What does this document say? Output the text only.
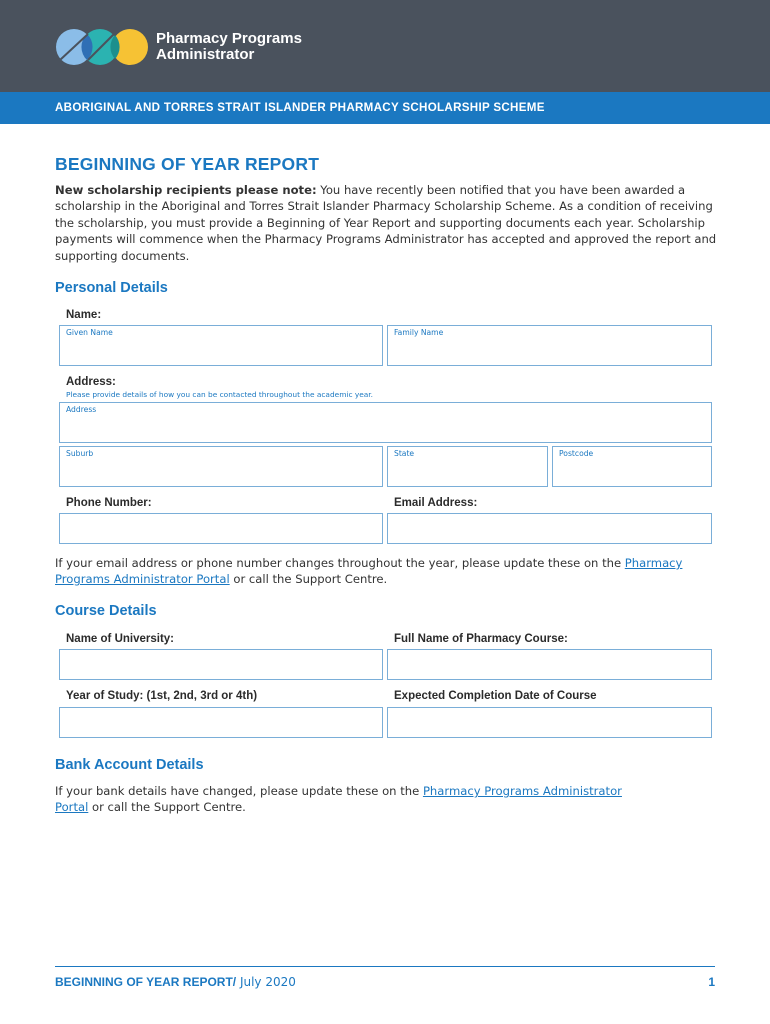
Pharmacy Programs
Administrator
ABORIGINAL AND TORRES STRAIT ISLANDER PHARMACY SCHOLARSHIP SCHEME
BEGINNING OF YEAR REPORT
New scholarship recipients please note: You have recently been notified that you have been awarded a scholarship in the Aboriginal and Torres Strait Islander Pharmacy Scholarship Scheme. As a condition of receiving the scholarship, you must provide a Beginning of Year Report and supporting documents each year. Scholarship payments will commence when the Pharmacy Programs Administrator has accepted and approved the report and supporting documents.
Personal Details
Name:
Given Name	Family Name
Address:
Please provide details of how you can be contacted throughout the academic year.
Address
Suburb	State	Postcode
Phone Number:	Email Address:
If your email address or phone number changes throughout the year, please update these on the Pharmacy Programs Administrator Portal or call the Support Centre.
Course Details
Name of University:	Full Name of Pharmacy Course:
Year of Study: (1st, 2nd, 3rd or 4th)	Expected Completion Date of Course
Bank Account Details
If your bank details have changed, please update these on the Pharmacy Programs Administrator
Portal or call the Support Centre.
BEGINNING OF YEAR REPORT/ July 2020	1
